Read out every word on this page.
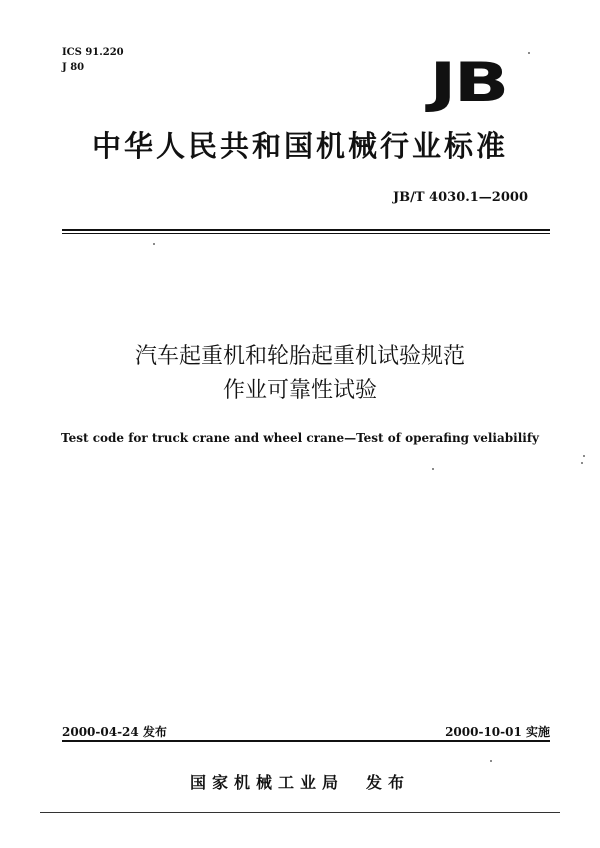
ICS 91.220
J 80	JB
中华人民共和国机械行业标准
JB/T 4030.1—2000
汽车起重机和轮胎起重机试验规范
作业可靠性试验
Test code for truck crane and wheel crane—Test of operafing veliabilify
2000-04-24 发布	2000-10-01 实施
国家机械工业局 发布
